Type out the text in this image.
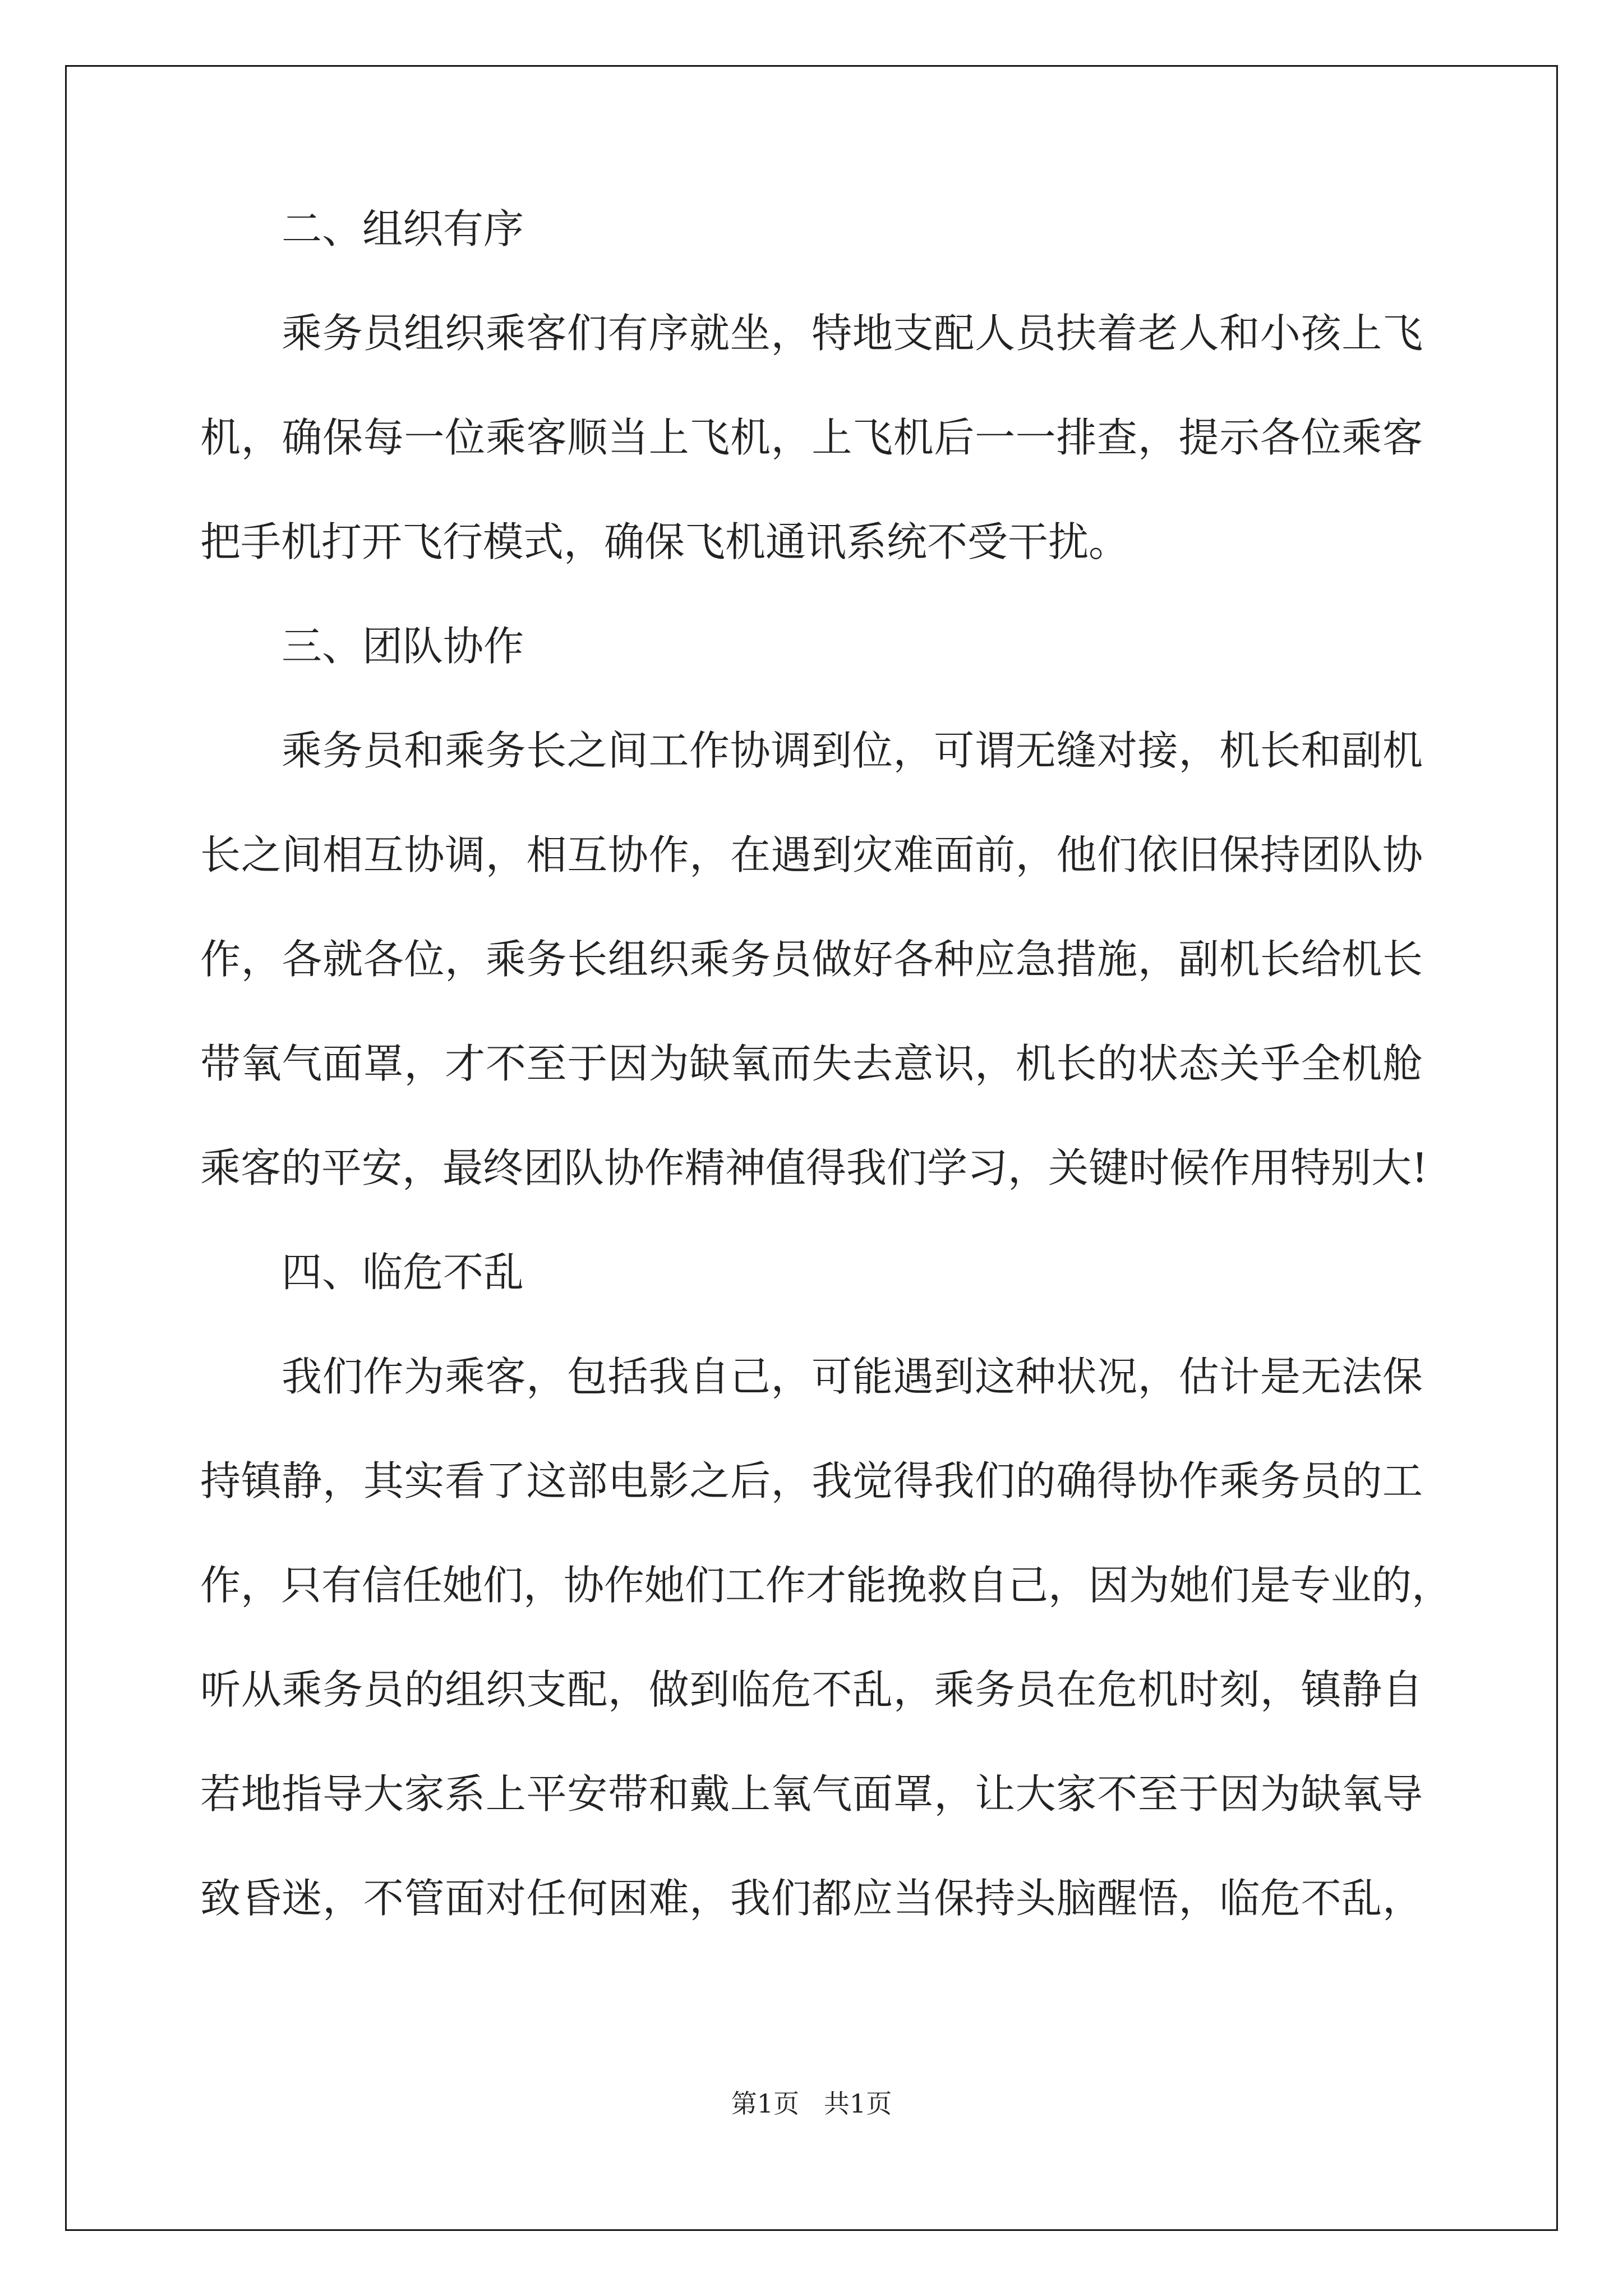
二、组织有序
乘务员组织乘客们有序就坐，特地支配人员扶着老人和小孩上飞
机，确保每一位乘客顺当上飞机，上飞机后一一排查，提示各位乘客
把手机打开飞行模式，确保飞机通讯系统不受干扰。
三、团队协作
乘务员和乘务长之间工作协调到位，可谓无缝对接，机长和副机
长之间相互协调，相互协作，在遇到灾难面前，他们依旧保持团队协
作，各就各位，乘务长组织乘务员做好各种应急措施，副机长给机长
带氧气面罩，才不至于因为缺氧而失去意识，机长的状态关乎全机舱
乘客的平安，最终团队协作精神值得我们学习，关键时候作用特别大!
四、临危不乱
我们作为乘客，包括我自己，可能遇到这种状况，估计是无法保
持镇静，其实看了这部电影之后，我觉得我们的确得协作乘务员的工
作，只有信任她们，协作她们工作才能挽救自己，因为她们是专业的，
听从乘务员的组织支配，做到临危不乱，乘务员在危机时刻，镇静自
若地指导大家系上平安带和戴上氧气面罩，让大家不至于因为缺氧导
致昏迷，不管面对任何困难，我们都应当保持头脑醒悟，临危不乱，
第1页   共1页
